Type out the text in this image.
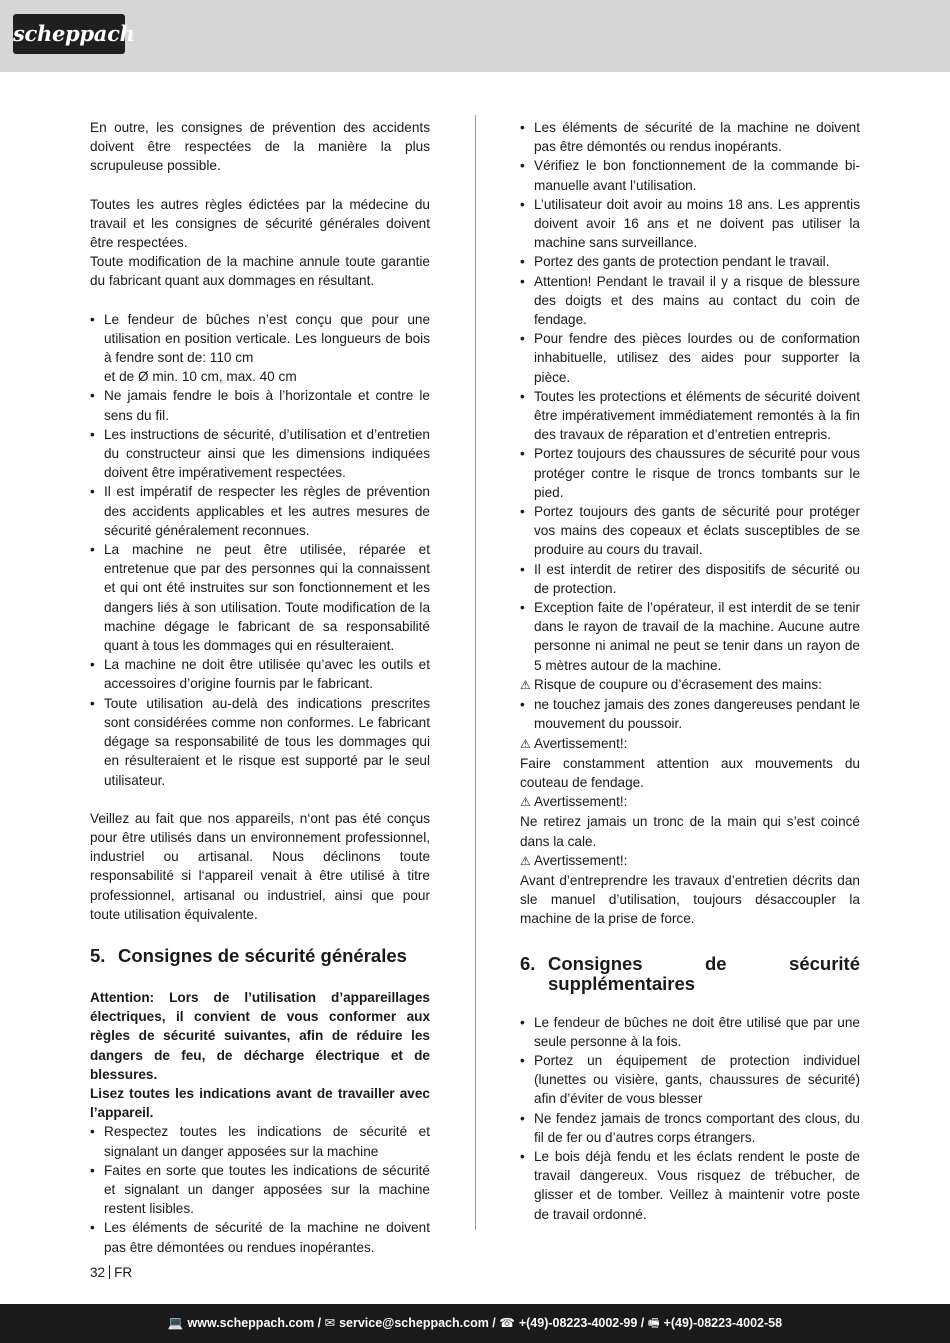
scheppach

En outre, les consignes de prévention des accidents doivent être respectées de la manière la plus scrupuleuse possible.

Toutes les autres règles édictées par la médecine du travail et les consignes de sécurité générales doivent être respectées.

Toute modification de la machine annule toute garantie du fabricant quant aux dommages en résultant.

• Le fendeur de bûches n’est conçu que pour une utilisation en position verticale. Les longueurs de bois à fendre sont de: 110 cm
et de Ø min. 10 cm, max. 40 cm
• Ne jamais fendre le bois à l’horizontale et contre le sens du fil.
• Les instructions de sécurité, d’utilisation et d’entretien du constructeur ainsi que les dimensions indiquées doivent être impérativement respectées.
• Il est impératif de respecter les règles de prévention des accidents applicables et les autres mesures de sécurité généralement reconnues.
• La machine ne peut être utilisée, réparée et entretenue que par des personnes qui la connaissent et qui ont été instruites sur son fonctionnement et les dangers liés à son utilisation. Toute modification de la machine dégage le fabricant de sa responsabilité quant à tous les dommages qui en résulteraient.
• La machine ne doit être utilisée qu’avec les outils et accessoires d’origine fournis par le fabricant.
• Toute utilisation au-delà des indications prescrites sont considérées comme non conformes. Le fabricant dégage sa responsabilité de tous les dommages qui en résulteraient et le risque est supporté par le seul utilisateur.

Veillez au fait que nos appareils, n‘ont pas été conçus pour être utilisés dans un environnement professionnel, industriel ou artisanal. Nous déclinons toute responsabilité si l‘appareil venait à être utilisé à titre professionnel, artisanal ou industriel, ainsi que pour toute utilisation équivalente.

5. Consignes de sécurité générales

Attention: Lors de l’utilisation d’appareillages électriques, il convient de vous conformer aux règles de sécurité suivantes, afin de réduire les dangers de feu, de décharge électrique et de blessures.

Lisez toutes les indications avant de travailler avec l’appareil.

• Respectez toutes les indications de sécurité et signalant un danger apposées sur la machine
• Faites en sorte que toutes les indications de sécurité et signalant un danger apposées sur la machine restent lisibles.
• Les éléments de sécurité de la machine ne doivent pas être démontées ou rendues inopérantes.
• Les éléments de sécurité de la machine ne doivent pas être démontés ou rendus inopérants.
• Vérifiez le bon fonctionnement de la commande bi-manuelle avant l’utilisation.
• L’utilisateur doit avoir au moins 18 ans. Les apprentis doivent avoir 16 ans et ne doivent pas utiliser la machine sans surveillance.
• Portez des gants de protection pendant le travail.
• Attention! Pendant le travail il y a risque de blessure des doigts et des mains au contact du coin de fendage.
• Pour fendre des pièces lourdes ou de conformation inhabituelle, utilisez des aides pour supporter la pièce.
• Toutes les protections et éléments de sécurité doivent être impérativement immédiatement remontés à la fin des travaux de réparation et d’entretien entrepris.
• Portez toujours des chaussures de sécurité pour vous protéger contre le risque de troncs tombants sur le pied.
• Portez toujours des gants de sécurité pour protéger vos mains des copeaux et éclats susceptibles de se produire au cours du travail.
• Il est interdit de retirer des dispositifs de sécurité ou de protection.
• Exception faite de l’opérateur, il est interdit de se tenir dans le rayon de travail de la machine. Aucune autre personne ni animal ne peut se tenir dans un rayon de 5 mètres autour de la machine.
⚠ Risque de coupure ou d’écrasement des mains:
• ne touchez jamais des zones dangereuses pendant le mouvement du poussoir.
⚠ Avertissement!:

Faire constamment attention aux mouvements du couteau de fendage.

⚠ Avertissement!:

Ne retirez jamais un tronc de la main qui s’est coincé dans la cale.

⚠ Avertissement!:

Avant d’entreprendre les travaux d’entretien décrits dan sle manuel d’utilisation, toujours désaccoupler la machine de la prise de force.

6. Consignes de sécurité supplémentaires
• Le fendeur de bûches ne doit être utilisé que par une seule personne à la fois.
• Portez un équipement de protection individuel (lunettes ou visière, gants, chaussures de sécurité) afin d’éviter de vous blesser
• Ne fendez jamais de troncs comportant des clous, du fil de fer ou d’autres corps étrangers.
• Le bois déjà fendu et les éclats rendent le poste de travail dangereux. Vous risquez de trébucher, de glisser et de tomber. Veillez à maintenir votre poste de travail ordonné.
32 FR
💻 www.scheppach.com / ✉ service@scheppach.com / ☎ +(49)-08223-4002-99 / 🖷 +(49)-08223-4002-58
